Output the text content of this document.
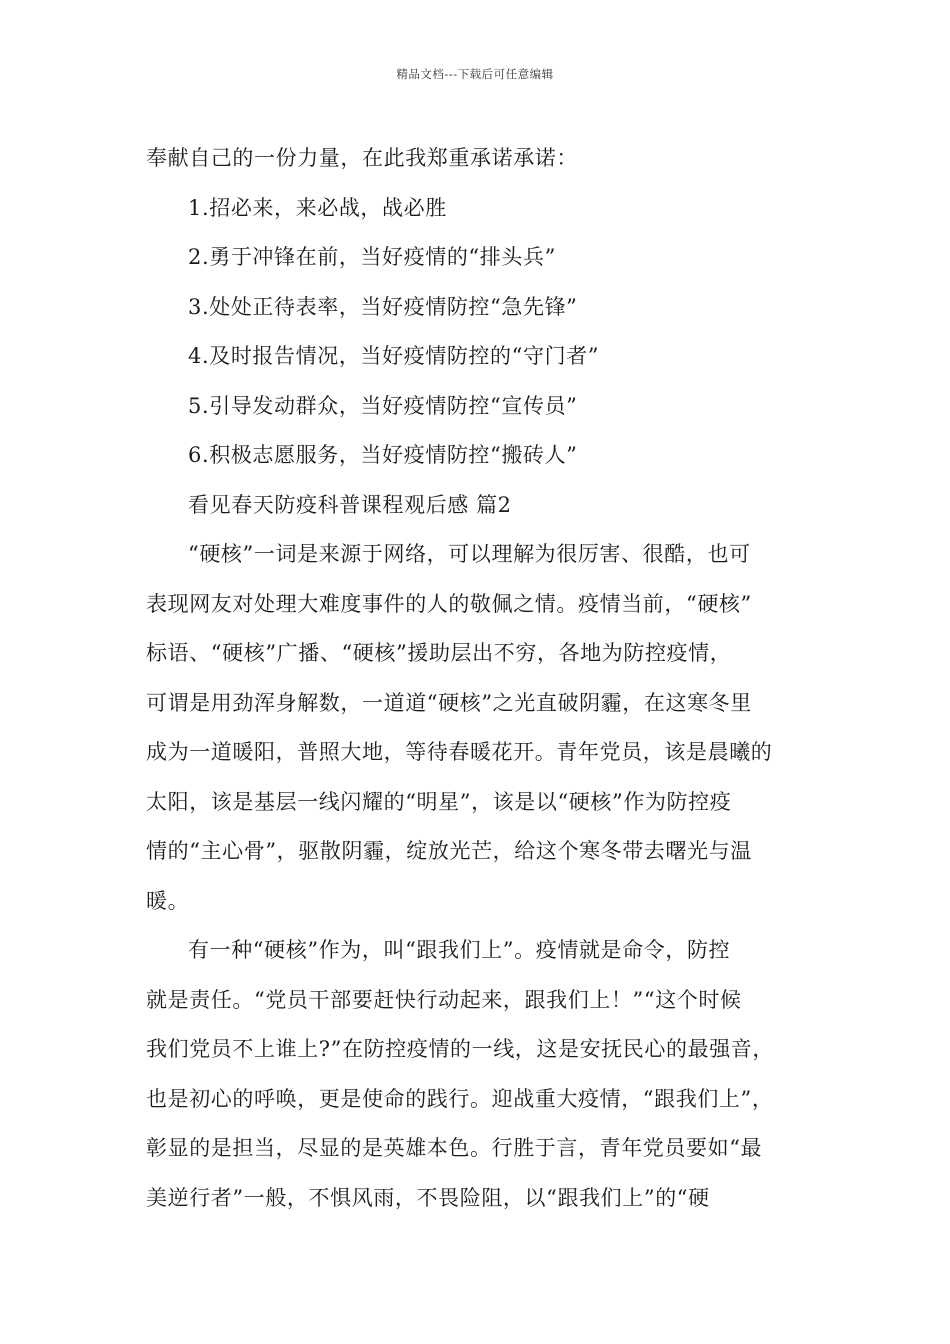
精品文档---下载后可任意编辑
奉献自己的一份力量，在此我郑重承诺承诺：
1.招必来，来必战，战必胜
2.勇于冲锋在前，当好疫情的“排头兵”
3.处处正待表率，当好疫情防控“急先锋”
4.及时报告情况，当好疫情防控的“守门者”
5.引导发动群众，当好疫情防控“宣传员”
6.积极志愿服务，当好疫情防控“搬砖人”
看见春天防疫科普课程观后感 篇2
“硬核”一词是来源于网络，可以理解为很厉害、很酷，也可
表现网友对处理大难度事件的人的敬佩之情。疫情当前，“硬核”
标语、“硬核”广播、“硬核”援助层出不穷，各地为防控疫情，
可谓是用劲浑身解数，一道道“硬核”之光直破阴霾，在这寒冬里
成为一道暖阳，普照大地，等待春暖花开。青年党员，该是晨曦的
太阳，该是基层一线闪耀的“明星”，该是以“硬核”作为防控疫
情的“主心骨”，驱散阴霾，绽放光芒，给这个寒冬带去曙光与温
暖。
有一种“硬核”作为，叫“跟我们上”。疫情就是命令，防控
就是责任。“党员干部要赶快行动起来，跟我们上！”“这个时候
我们党员不上谁上?”在防控疫情的一线，这是安抚民心的最强音，
也是初心的呼唤，更是使命的践行。迎战重大疫情，“跟我们上”，
彰显的是担当，尽显的是英雄本色。行胜于言，青年党员要如“最
美逆行者”一般，不惧风雨，不畏险阻，以“跟我们上”的“硬
